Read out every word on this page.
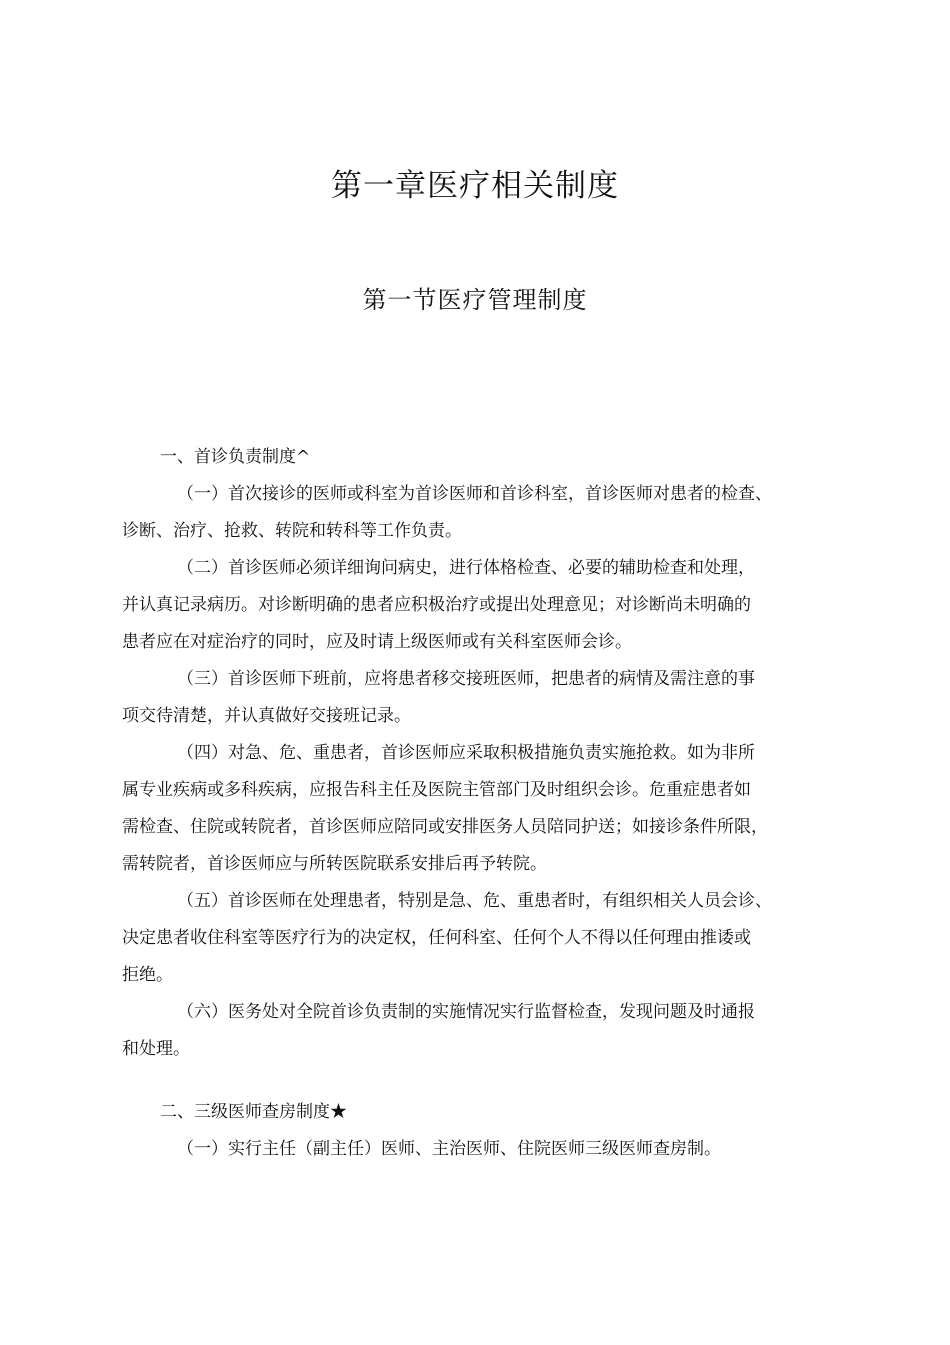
第一章医疗相关制度
第一节医疗管理制度

一、首诊负责制度^

（一）首次接诊的医师或科室为首诊医师和首诊科室，首诊医师对患者的检查、
诊断、治疗、抢救、转院和转科等工作负责。

（二）首诊医师必须详细询问病史，进行体格检查、必要的辅助检查和处理，
并认真记录病历。对诊断明确的患者应积极治疗或提出处理意见；对诊断尚未明确的
患者应在对症治疗的同时，应及时请上级医师或有关科室医师会诊。

（三）首诊医师下班前，应将患者移交接班医师，把患者的病情及需注意的事
项交待清楚，并认真做好交接班记录。

（四）对急、危、重患者，首诊医师应采取积极措施负责实施抢救。如为非所
属专业疾病或多科疾病，应报告科主任及医院主管部门及时组织会诊。危重症患者如
需检查、住院或转院者，首诊医师应陪同或安排医务人员陪同护送；如接诊条件所限，
需转院者，首诊医师应与所转医院联系安排后再予转院。

（五）首诊医师在处理患者，特别是急、危、重患者时，有组织相关人员会诊、
决定患者收住科室等医疗行为的决定权，任何科室、任何个人不得以任何理由推诿或
拒绝。

（六）医务处对全院首诊负责制的实施情况实行监督检查，发现问题及时通报
和处理。

二、三级医师查房制度★

（一）实行主任（副主任）医师、主治医师、住院医师三级医师查房制。
